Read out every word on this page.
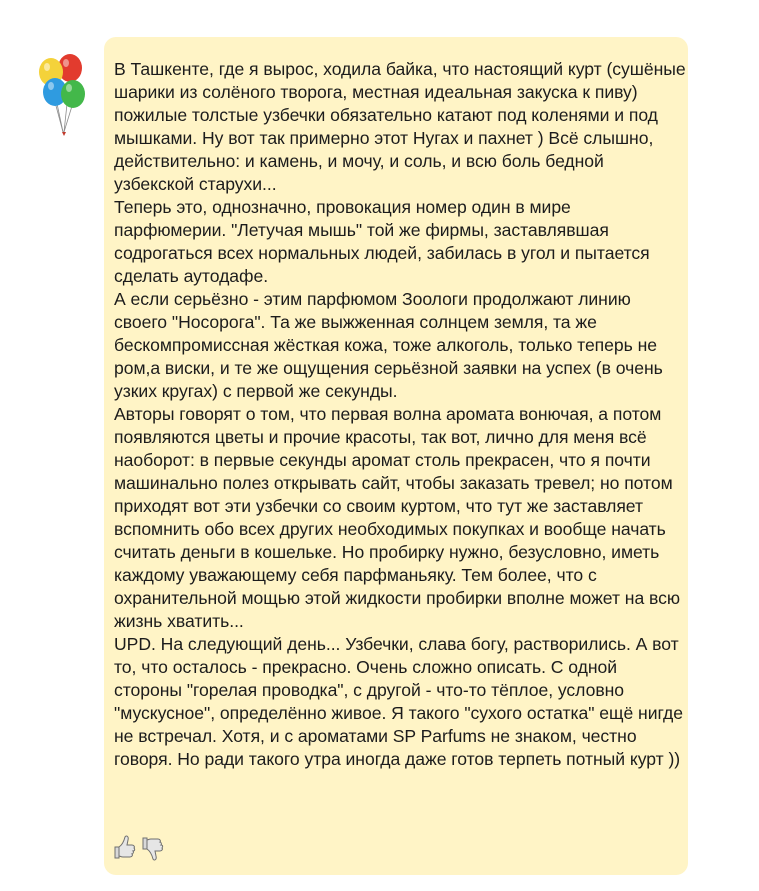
В Ташкенте, где я вырос, ходила байка, что настоящий курт (сушёные шарики из солёного творога, местная идеальная закуска к пиву) пожилые толстые узбечки обязательно катают под коленями и под мышками. Ну вот так примерно этот Нугах и пахнет ) Всё слышно, действительно: и камень, и мочу, и соль, и всю боль бедной узбекской старухи...

Теперь это, однозначно, провокация номер один в мире парфюмерии. "Летучая мышь" той же фирмы, заставлявшая содрогаться всех нормальных людей, забилась в угол и пытается сделать аутодафе.

А если серьёзно - этим парфюмом Зоологи продолжают линию своего "Носорога". Та же выжженная солнцем земля, та же бескомпромиссная жёсткая кожа, тоже алкоголь, только теперь не ром,а виски, и те же ощущения серьёзной заявки на успех (в очень узких кругах) с первой же секунды.

Авторы говорят о том, что первая волна аромата вонючая, а потом появляются цветы и прочие красоты, так вот, лично для меня всё наоборот: в первые секунды аромат столь прекрасен, что я почти машинально полез открывать сайт, чтобы заказать тревел; но потом приходят вот эти узбечки со своим куртом, что тут же заставляет вспомнить обо всех других необходимых покупках и вообще начать считать деньги в кошельке. Но пробирку нужно, безусловно, иметь каждому уважающему себя парфманьяку. Тем более, что с охранительной мощью этой жидкости пробирки вполне может на всю жизнь хватить...

UPD. На следующий день... Узбечки, слава богу, растворились. А вот то, что осталось - прекрасно. Очень сложно описать. С одной стороны "горелая проводка", с другой - что-то тёплое, условно "мускусное", определённо живое. Я такого "сухого остатка" ещё нигде не встречал. Хотя, и с ароматами SP Parfums не знаком, честно говоря. Но ради такого утра иногда даже готов терпеть потный курт ))
